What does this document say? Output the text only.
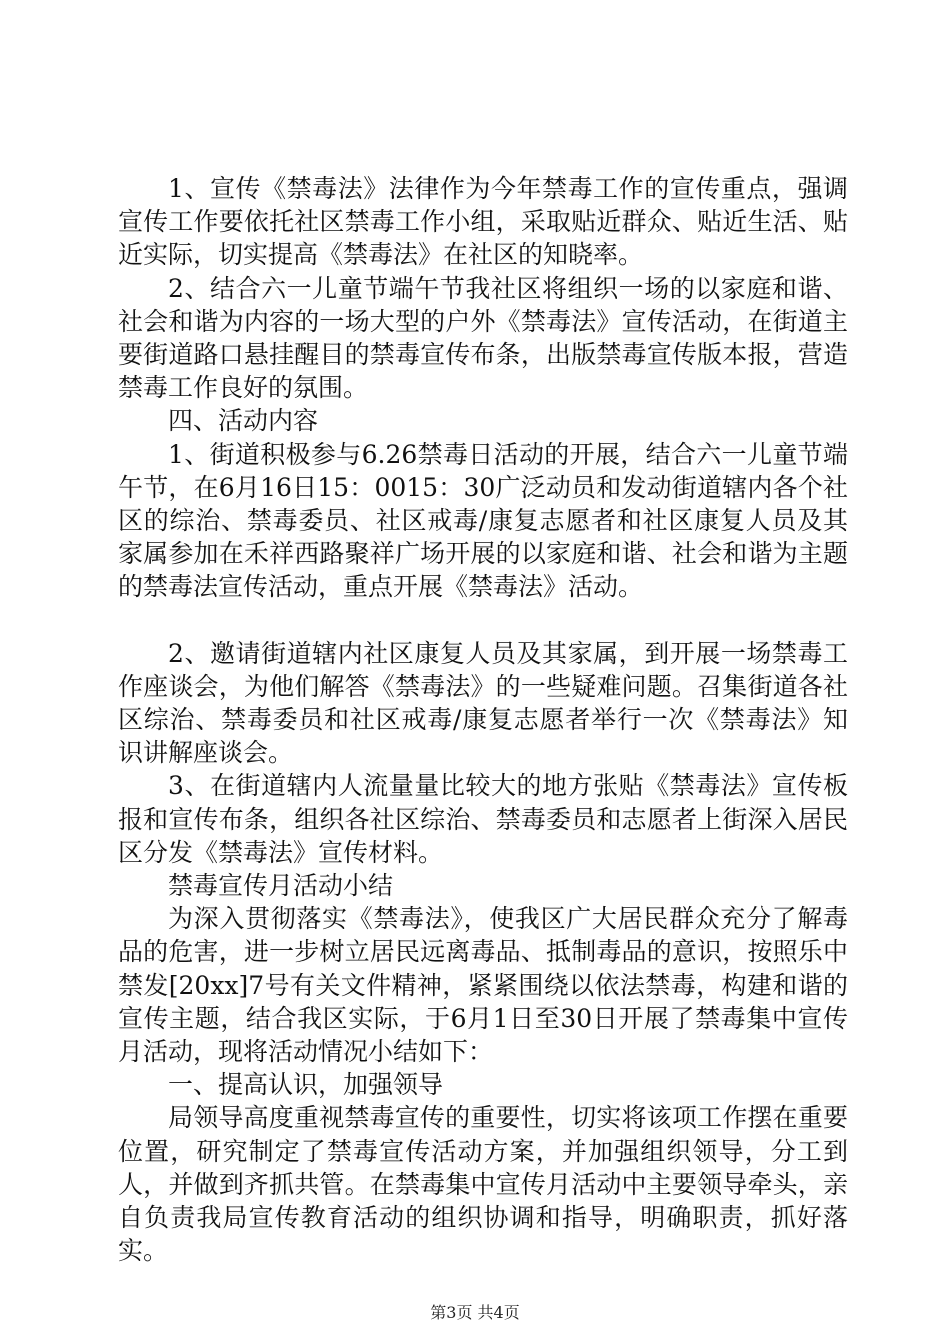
1、宣传《禁毒法》法律作为今年禁毒工作的宣传重点，强调宣传工作要依托社区禁毒工作小组，采取贴近群众、贴近生活、贴近实际，切实提高《禁毒法》在社区的知晓率。

2、结合六一儿童节端午节我社区将组织一场的以家庭和谐、社会和谐为内容的一场大型的户外《禁毒法》宣传活动，在街道主要街道路口悬挂醒目的禁毒宣传布条，出版禁毒宣传版本报，营造禁毒工作良好的氛围。

四、活动内容

1、街道积极参与6.26禁毒日活动的开展，结合六一儿童节端午节，在6月16日15：0015：30广泛动员和发动街道辖内各个社区的综治、禁毒委员、社区戒毒/康复志愿者和社区康复人员及其家属参加在禾祥西路聚祥广场开展的以家庭和谐、社会和谐为主题的禁毒法宣传活动，重点开展《禁毒法》活动。

2、邀请街道辖内社区康复人员及其家属，到开展一场禁毒工作座谈会，为他们解答《禁毒法》的一些疑难问题。召集街道各社区综治、禁毒委员和社区戒毒/康复志愿者举行一次《禁毒法》知识讲解座谈会。

3、在街道辖内人流量量比较大的地方张贴《禁毒法》宣传板报和宣传布条，组织各社区综治、禁毒委员和志愿者上街深入居民区分发《禁毒法》宣传材料。

禁毒宣传月活动小结

为深入贯彻落实《禁毒法》，使我区广大居民群众充分了解毒品的危害，进一步树立居民远离毒品、抵制毒品的意识，按照乐中禁发[20xx]7号有关文件精神，紧紧围绕以依法禁毒，构建和谐的宣传主题，结合我区实际，于6月1日至30日开展了禁毒集中宣传月活动，现将活动情况小结如下：

一、提高认识，加强领导

局领导高度重视禁毒宣传的重要性，切实将该项工作摆在重要位置，研究制定了禁毒宣传活动方案，并加强组织领导，分工到人，并做到齐抓共管。在禁毒集中宣传月活动中主要领导牵头，亲自负责我局宣传教育活动的组织协调和指导，明确职责，抓好落实。

第3页 共4页
